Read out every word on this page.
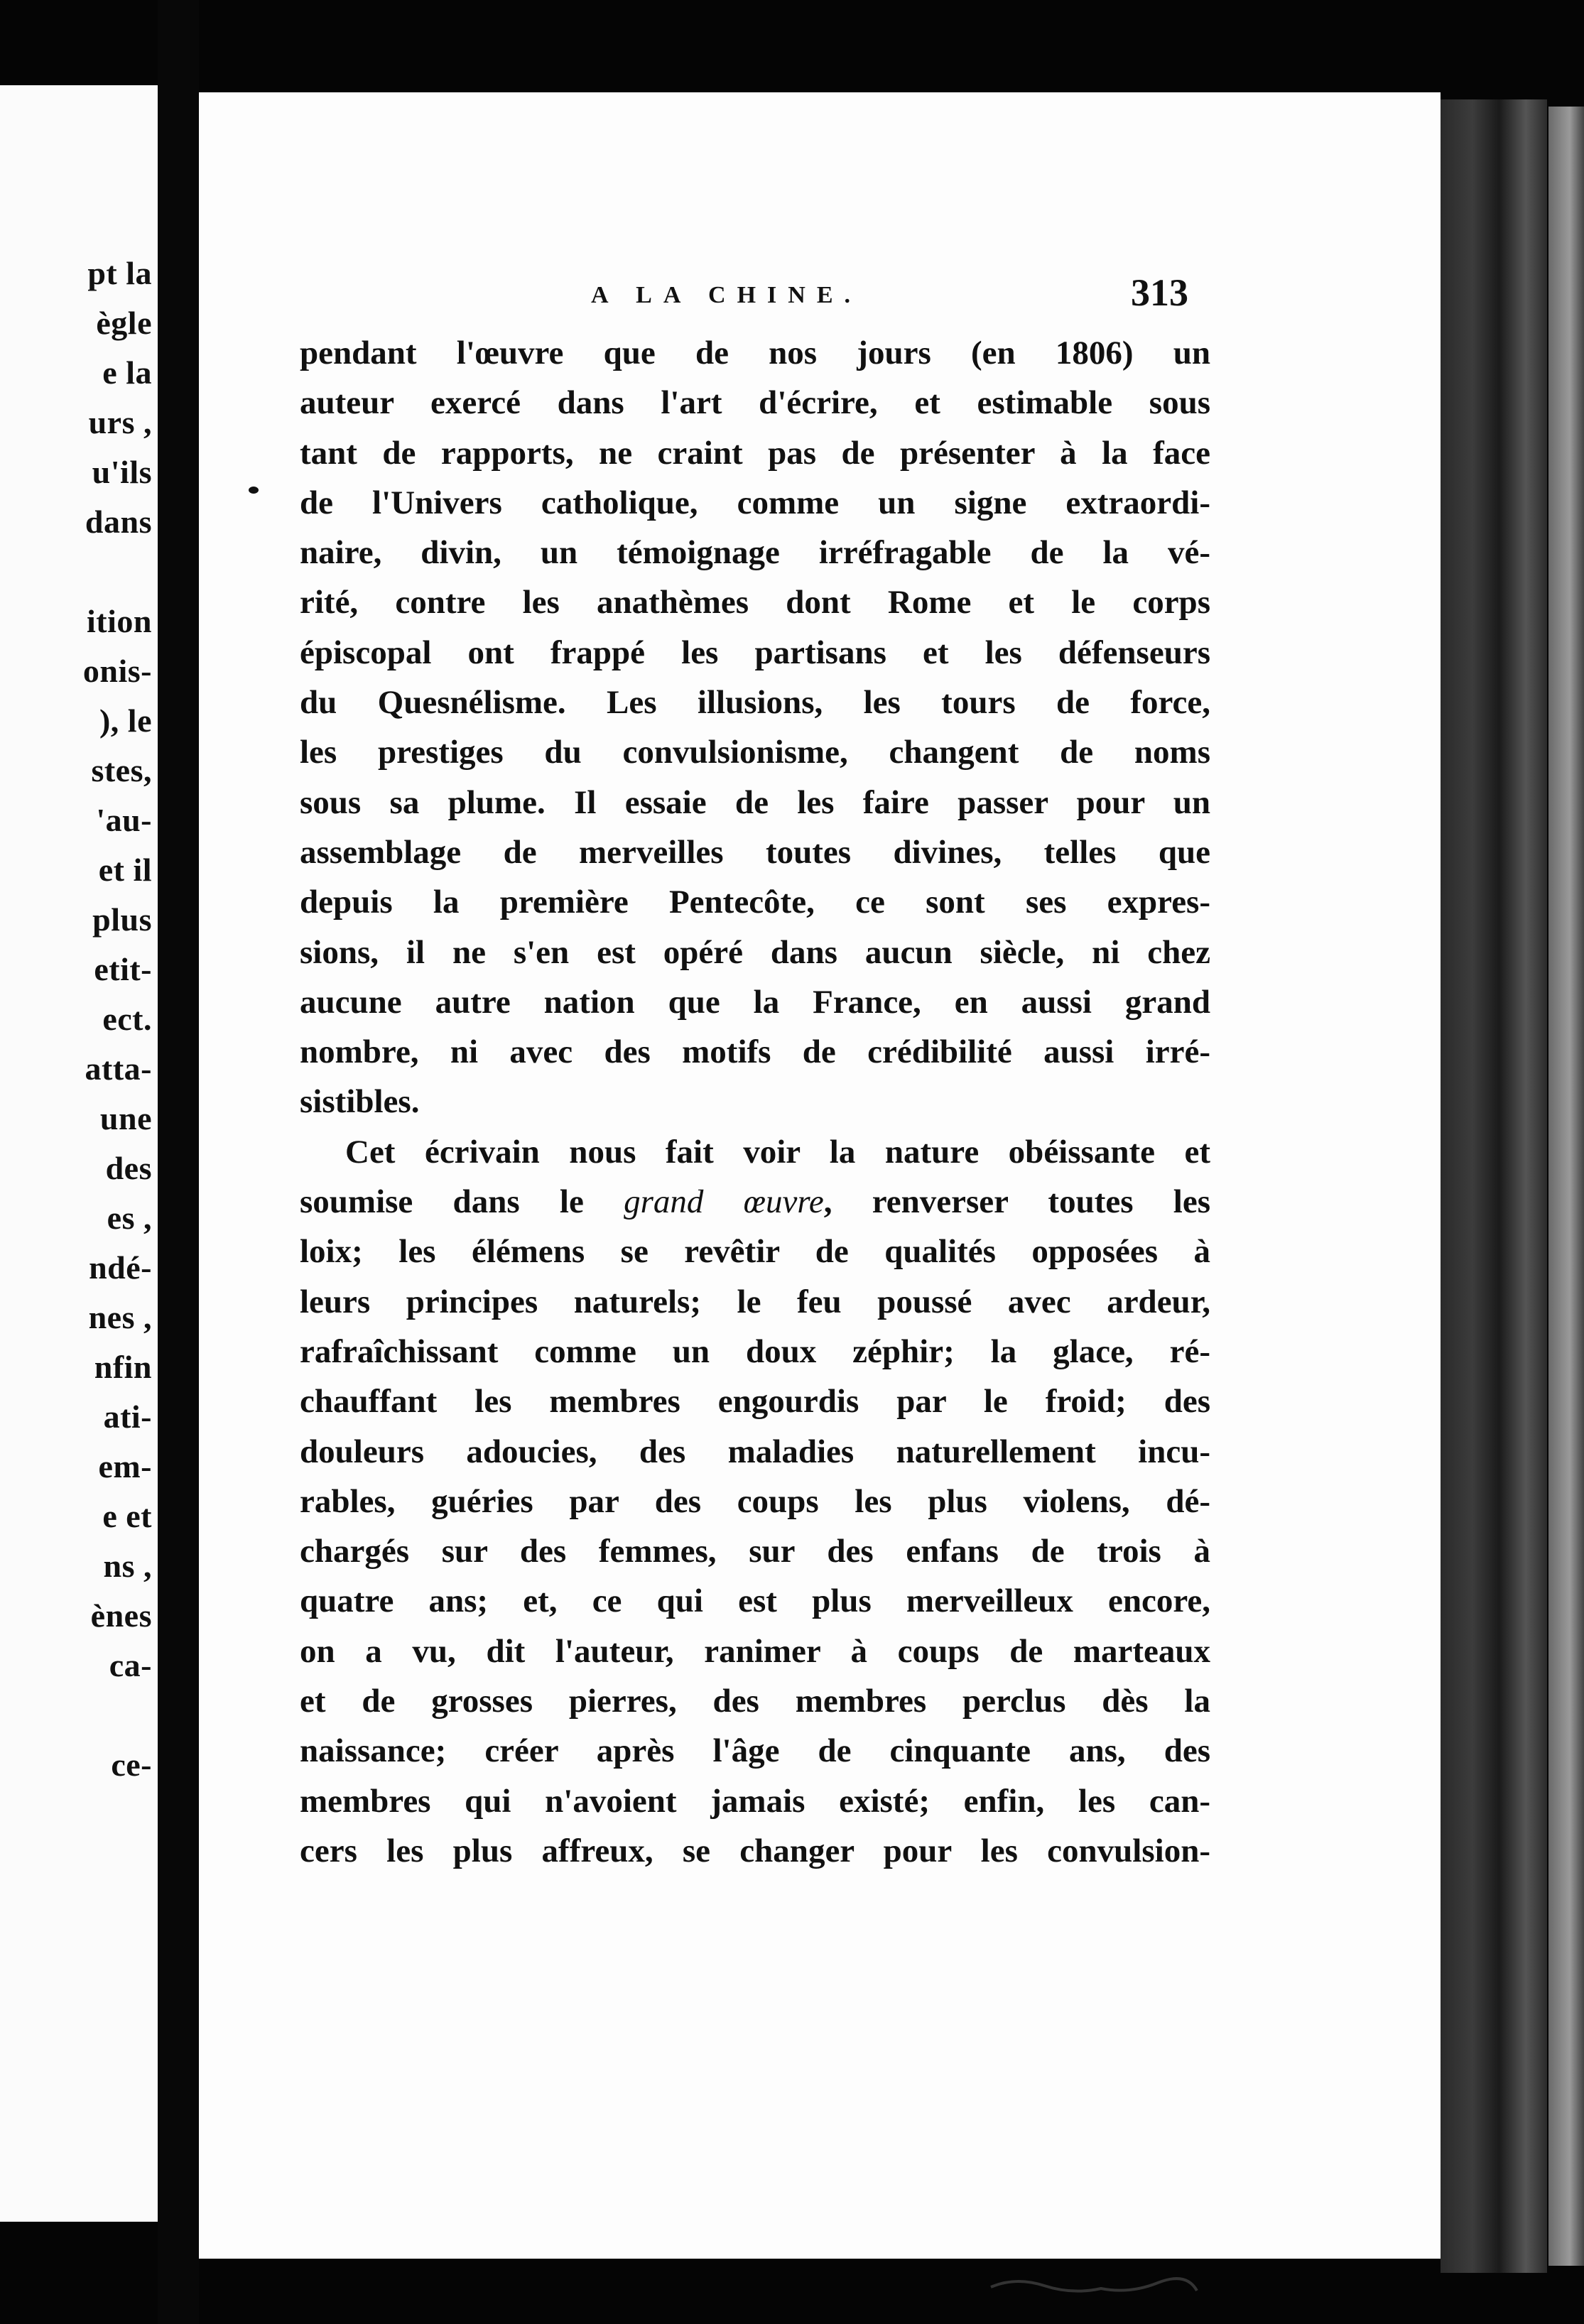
pt la
ègle
e la
urs ,
u'ils
dans
ition
onis-
), le
stes,
'au-
et il
plus
etit-
ect.
atta-
une
des
es ,
ndé-
nes ,
nfin
ati-
em-
e et
ns ,
ènes
ca-
ce-
A LA CHINE.	313
pendant l'œuvre que de nos jours (en 1806) un
auteur exercé dans l'art d'écrire, et estimable sous
tant de rapports, ne craint pas de présenter à la face
de l'Univers catholique, comme un signe extraordi-
naire, divin, un témoignage irréfragable de la vé-
rité, contre les anathèmes dont Rome et le corps
épiscopal ont frappé les partisans et les défenseurs
du Quesnélisme. Les illusions, les tours de force,
les prestiges du convulsionisme, changent de noms
sous sa plume. Il essaie de les faire passer pour un
assemblage de merveilles toutes divines, telles que
depuis la première Pentecôte, ce sont ses expres-
sions, il ne s'en est opéré dans aucun siècle, ni chez
aucune autre nation que la France, en aussi grand
nombre, ni avec des motifs de crédibilité aussi irré-
sistibles.
Cet écrivain nous fait voir la nature obéissante et
soumise dans le grand œuvre, renverser toutes les
loix; les élémens se revêtir de qualités opposées à
leurs principes naturels; le feu poussé avec ardeur,
rafraîchissant comme un doux zéphir; la glace, ré-
chauffant les membres engourdis par le froid; des
douleurs adoucies, des maladies naturellement incu-
rables, guéries par des coups les plus violens, dé-
chargés sur des femmes, sur des enfans de trois à
quatre ans; et, ce qui est plus merveilleux encore,
on a vu, dit l'auteur, ranimer à coups de marteaux
et de grosses pierres, des membres perclus dès la
naissance; créer après l'âge de cinquante ans, des
membres qui n'avoient jamais existé; enfin, les can-
cers les plus affreux, se changer pour les convulsion-
